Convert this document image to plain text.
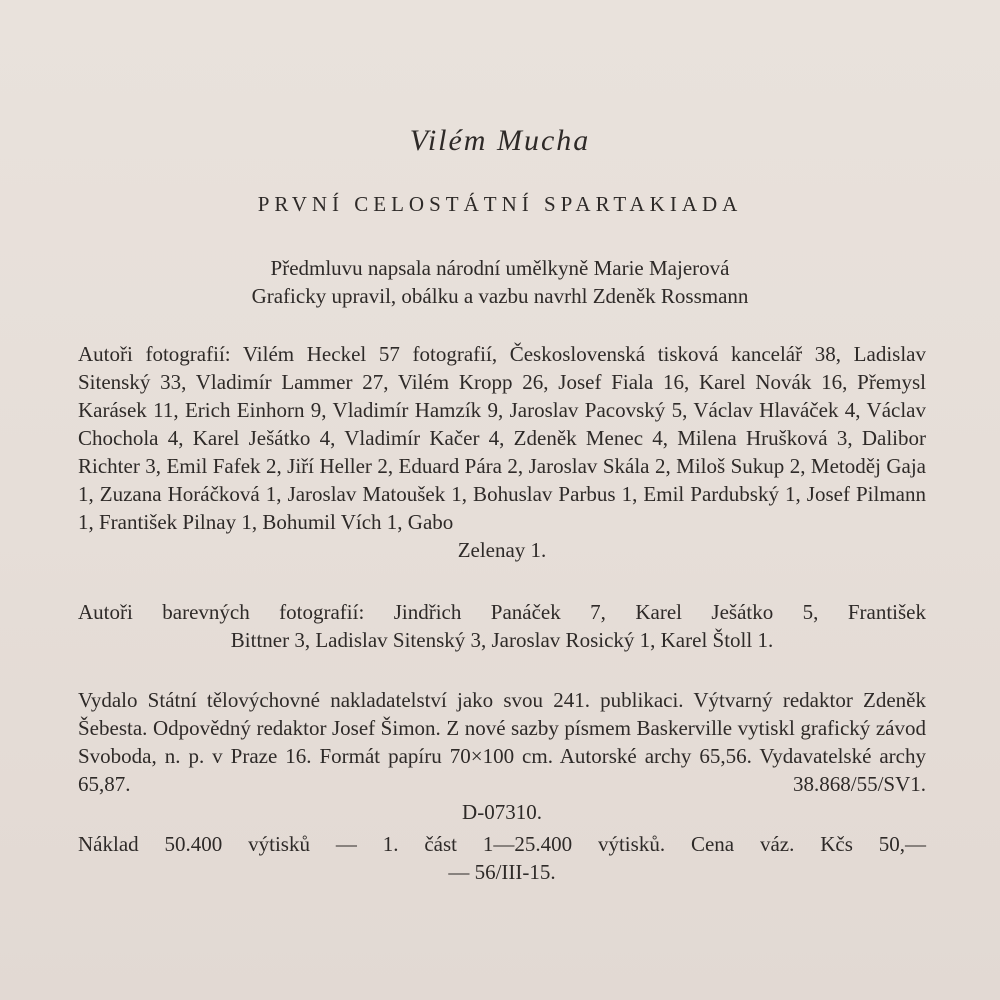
Vilém Mucha
PRVNÍ CELOSTÁTNÍ SPARTAKIADA
Předmluvu napsala národní umělkyně Marie Majerová
Graficky upravil, obálku a vazbu navrhl Zdeněk Rossmann

Autoři fotografií: Vilém Heckel 57 fotografií, Československá tisková kancelář 38, Ladislav Sitenský 33, Vladimír Lammer 27, Vilém Kropp 26, Josef Fiala 16, Karel Novák 16, Přemysl Karásek 11, Erich Einhorn 9, Vladimír Hamzík 9, Jaroslav Pacovský 5, Václav Hlaváček 4, Václav Chochola 4, Karel Ješátko 4, Vladimír Kačer 4, Zdeněk Menec 4, Milena Hrušková 3, Dalibor Richter 3, Emil Fafek 2, Jiří Heller 2, Eduard Pára 2, Jaroslav Skála 2, Miloš Sukup 2, Metoděj Gaja 1, Zuzana Horáčková 1, Jaroslav Matoušek 1, Bohuslav Parbus 1, Emil Pardubský 1, Josef Pilmann 1, František Pilnay 1, Bohumil Vích 1, Gabo

Zelenay 1.

Autoři barevných fotografií: Jindřich Panáček 7, Karel Ješátko 5, František

Bittner 3, Ladislav Sitenský 3, Jaroslav Rosický 1, Karel Štoll 1.

Vydalo Státní tělovýchovné nakladatelství jako svou 241. publikaci. Výtvarný redaktor Zdeněk Šebesta. Odpovědný redaktor Josef Šimon. Z nové sazby písmem Baskerville vytiskl grafický závod Svoboda, n. p. v Praze 16. Formát papíru 70×100 cm. Autorské archy 65,56. Vydavatelské archy 65,87. 38.868/55/SV1.

D-07310.

Náklad 50.400 výtisků — 1. část 1—25.400 výtisků. Cena váz. Kčs 50,—

— 56/III-15.
